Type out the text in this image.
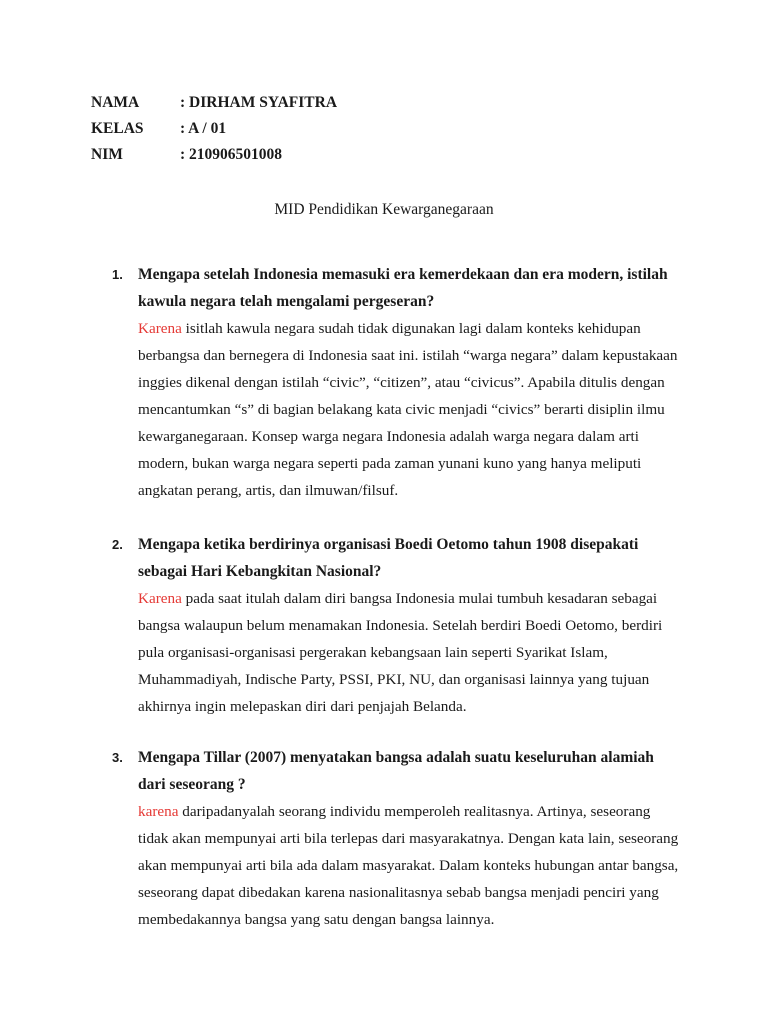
NAMA	: DIRHAM SYAFITRA
KELAS : A / 01
NIM	: 210906501008
MID Pendidikan Kewarganegaraan
1. Mengapa setelah Indonesia memasuki era kemerdekaan dan era modern, istilah kawula negara telah mengalami pergeseran?
Karena isitlah kawula negara sudah tidak digunakan lagi dalam konteks kehidupan berbangsa dan bernegera di Indonesia saat ini. istilah “warga negara” dalam kepustakaan inggies dikenal dengan istilah “civic”, “citizen”, atau “civicus”. Apabila ditulis dengan mencantumkan “s” di bagian belakang kata civic menjadi “civics” berarti disiplin ilmu kewarganegaraan. Konsep warga negara Indonesia adalah warga negara dalam arti modern, bukan warga negara seperti pada zaman yunani kuno yang hanya meliputi angkatan perang, artis, dan ilmuwan/filsuf.
2. Mengapa ketika berdirinya organisasi Boedi Oetomo tahun 1908 disepakati sebagai Hari Kebangkitan Nasional?
Karena pada saat itulah dalam diri bangsa Indonesia mulai tumbuh kesadaran sebagai bangsa walaupun belum menamakan Indonesia. Setelah berdiri Boedi Oetomo, berdiri pula organisasi-organisasi pergerakan kebangsaan lain seperti Syarikat Islam, Muhammadiyah, Indische Party, PSSI, PKI, NU, dan organisasi lainnya yang tujuan akhirnya ingin melepaskan diri dari penjajah Belanda.
3. Mengapa Tillar (2007) menyatakan bangsa adalah suatu keseluruhan alamiah dari seseorang ?
karena daripadanyalah seorang individu memperoleh realitasnya. Artinya, seseorang tidak akan mempunyai arti bila terlepas dari masyarakatnya. Dengan kata lain, seseorang akan mempunyai arti bila ada dalam masyarakat. Dalam konteks hubungan antar bangsa, seseorang dapat dibedakan karena nasionalitasnya sebab bangsa menjadi penciri yang membedakannya bangsa yang satu dengan bangsa lainnya.
